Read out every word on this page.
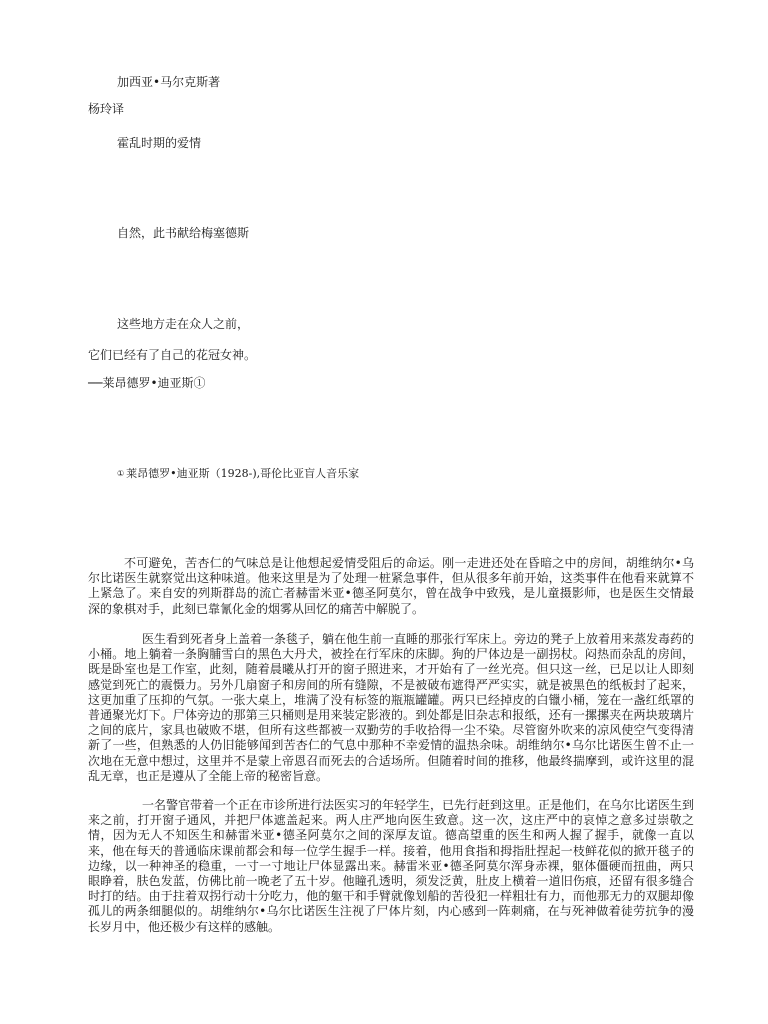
加西亚•马尔克斯著

杨玲译

霍乱时期的爱情

自然，此书献给梅塞德斯

这些地方走在众人之前，

它们已经有了自己的花冠女神。

──莱昂德罗•迪亚斯①

① 莱昂德罗•迪亚斯（1928-),哥伦比亚盲人音乐家

不可避免，苦杏仁的气味总是让他想起爱情受阻后的命运。刚一走进还处在昏暗之中的房间，胡维纳尔•乌尔比诺医生就察觉出这种味道。他来这里是为了处理一桩紧急事件，但从很多年前开始，这类事件在他看来就算不上紧急了。来自安的列斯群岛的流亡者赫雷米亚•德圣阿莫尔，曾在战争中致残，是儿童摄影师，也是医生交情最深的象棋对手，此刻已靠氰化金的烟雾从回忆的痛苦中解脱了。

医生看到死者身上盖着一条毯子，躺在他生前一直睡的那张行军床上。旁边的凳子上放着用来蒸发毒药的小桶。地上躺着一条胸脯雪白的黑色大丹犬，被拴在行军床的床脚。狗的尸体边是一副拐杖。闷热而杂乱的房间，既是卧室也是工作室，此刻，随着晨曦从打开的窗子照进来，才开始有了一丝光亮。但只这一丝，已足以让人即刻感觉到死亡的震慑力。另外几扇窗子和房间的所有缝隙，不是被破布遮得严严实实，就是被黑色的纸板封了起来，这更加重了压抑的气氛。一张大桌上，堆满了没有标签的瓶瓶罐罐。两只已经掉皮的白镴小桶，笼在一盏红纸罩的普通聚光灯下。尸体旁边的那第三只桶则是用来装定影液的。到处都是旧杂志和报纸，还有一摞摞夹在两块玻璃片之间的底片，家具也破败不堪，但所有这些都被一双勤劳的手收拾得一尘不染。尽管窗外吹来的凉风使空气变得清新了一些，但熟悉的人仍旧能够闻到苦杏仁的气息中那种不幸爱情的温热余味。胡维纳尔•乌尔比诺医生曾不止一次地在无意中想过，这里并不是蒙上帝恩召而死去的合适场所。但随着时间的推移，他最终揣摩到，或许这里的混乱无章，也正是遵从了全能上帝的秘密旨意。

一名警官带着一个正在市诊所进行法医实习的年轻学生，已先行赶到这里。正是他们，在乌尔比诺医生到来之前，打开窗子通风，并把尸体遮盖起来。两人庄严地向医生致意。这一次，这庄严中的哀悼之意多过崇敬之情，因为无人不知医生和赫雷米亚•德圣阿莫尔之间的深厚友谊。德高望重的医生和两人握了握手，就像一直以来，他在每天的普通临床课前都会和每一位学生握手一样。接着，他用食指和拇指肚捏起一枝鲜花似的掀开毯子的边缘，以一种神圣的稳重，一寸一寸地让尸体显露出来。赫雷米亚•德圣阿莫尔浑身赤裸，躯体僵硬而扭曲，两只眼睁着，肤色发蓝，仿佛比前一晚老了五十岁。他瞳孔透明，须发泛黄，肚皮上横着一道旧伤痕，还留有很多缝合时打的结。由于拄着双拐行动十分吃力，他的躯干和手臂就像划船的苦役犯一样粗壮有力，而他那无力的双腿却像孤儿的两条细腿似的。胡维纳尔•乌尔比诺医生注视了尸体片刻，内心感到一阵刺痛，在与死神做着徒劳抗争的漫长岁月中，他还极少有这样的感触。
